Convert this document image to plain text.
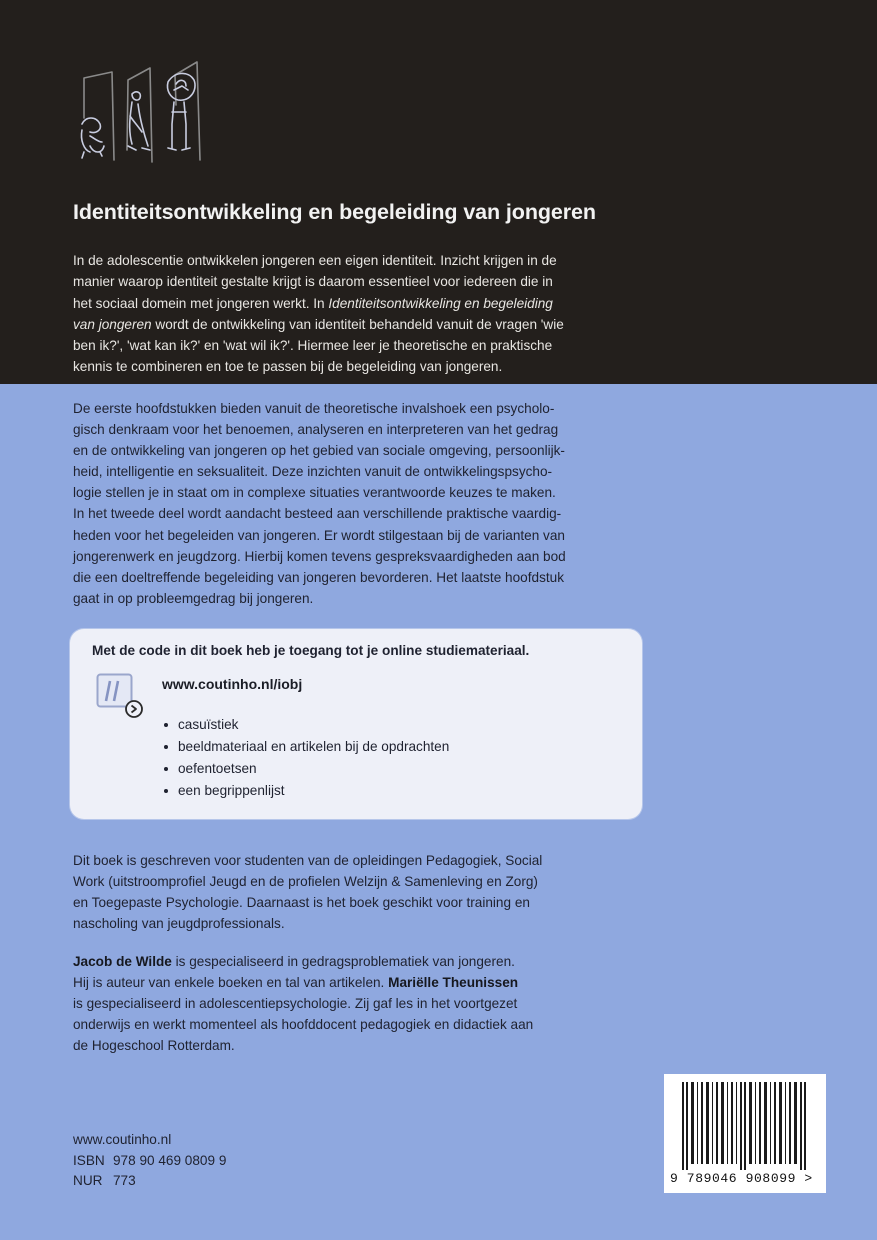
Identiteitsontwikkeling en begeleiding van jongeren

In de adolescentie ontwikkelen jongeren een eigen identiteit. Inzicht krijgen in de
manier waarop identiteit gestalte krijgt is daarom essentieel voor iedereen die in
het sociaal domein met jongeren werkt. In Identiteitsontwikkeling en begeleiding
van jongeren wordt de ontwikkeling van identiteit behandeld vanuit de vragen 'wie
ben ik?', 'wat kan ik?' en 'wat wil ik?'. Hiermee leer je theoretische en praktische
kennis te combineren en toe te passen bij de begeleiding van jongeren.

De eerste hoofdstukken bieden vanuit de theoretische invalshoek een psycholo-
gisch denkraam voor het benoemen, analyseren en interpreteren van het gedrag
en de ontwikkeling van jongeren op het gebied van sociale omgeving, persoonlijk-
heid, intelligentie en seksualiteit. Deze inzichten vanuit de ontwikkelingspsycho-
logie stellen je in staat om in complexe situaties verantwoorde keuzes te maken.
In het tweede deel wordt aandacht besteed aan verschillende praktische vaardig-
heden voor het begeleiden van jongeren. Er wordt stilgestaan bij de varianten van
jongerenwerk en jeugdzorg. Hierbij komen tevens gespreksvaardigheden aan bod
die een doeltreffende begeleiding van jongeren bevorderen. Het laatste hoofdstuk
gaat in op probleemgedrag bij jongeren.

Met de code in dit boek heb je toegang tot je online studiemateriaal.

www.coutinho.nl/iobj

casuïstiek
beeldmateriaal en artikelen bij de opdrachten
oefentoetsen
een begrippenlijst

Dit boek is geschreven voor studenten van de opleidingen Pedagogiek, Social
Work (uitstroomprofiel Jeugd en de profielen Welzijn & Samenleving en Zorg)
en Toegepaste Psychologie. Daarnaast is het boek geschikt voor training en
nascholing van jeugdprofessionals.

Jacob de Wilde is gespecialiseerd in gedragsproblematiek van jongeren.
Hij is auteur van enkele boeken en tal van artikelen. Mariëlle Theunissen
is gespecialiseerd in adolescentiepsychologie. Zij gaf les in het voortgezet
onderwijs en werkt momenteel als hoofddocent pedagogiek en didactiek aan
de Hogeschool Rotterdam.

www.coutinho.nl
ISBN 978 90 469 0809 9
NUR 773	9 789046 908099 >
